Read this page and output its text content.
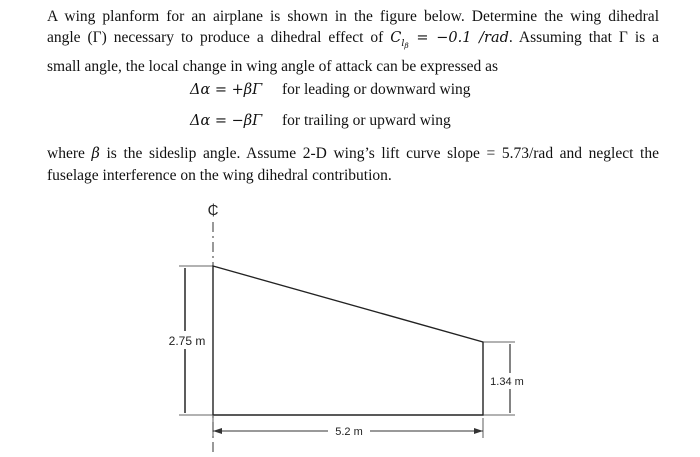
A wing planform for an airplane is shown in the figure below. Determine the wing dihedral
angle (Γ) necessary to produce a dihedral effect of $C_{l_\beta} = -0.1$ /rad. Assuming that Γ is a
small angle, the local change in wing angle of attack can be expressed as
Δα = +βΓ for leading or downward wing
Δα = −βΓ for trailing or upward wing
where β is the sideslip angle. Assume 2-D wing’s lift curve slope = 5.73/rad and neglect the
fuselage interference on the wing dihedral contribution.
₵
2.75 m
1.34 m
5.2 m
